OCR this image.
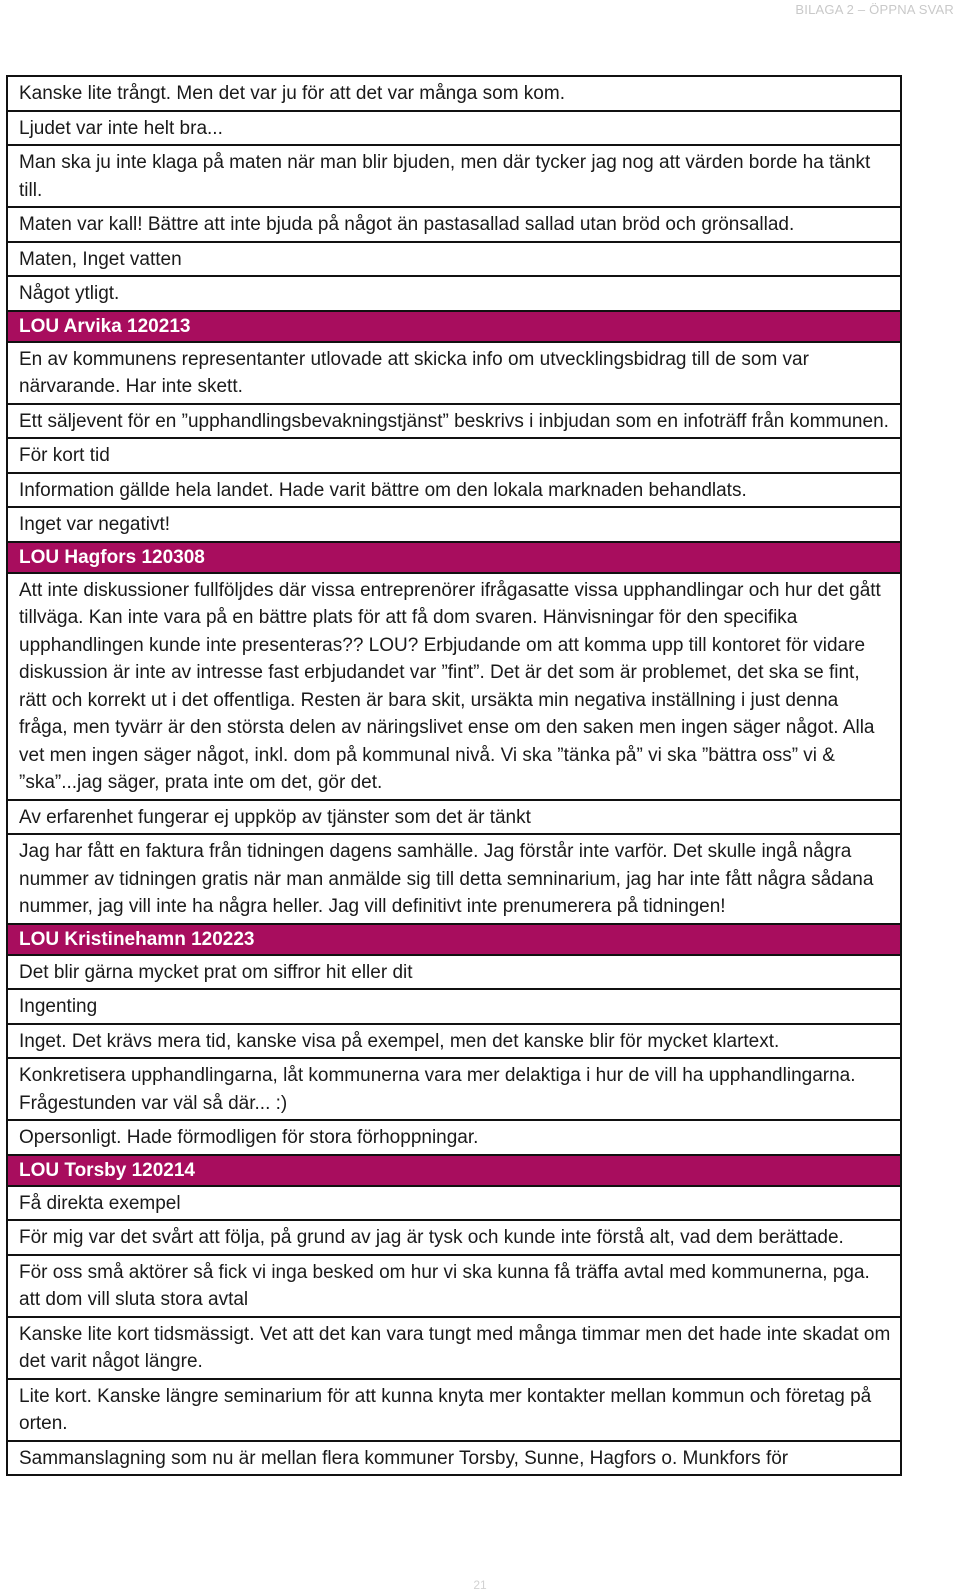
BILAGA 2 – ÖPPNA SVAR
Kanske lite trångt. Men det var ju för att det var många som kom.
Ljudet var inte helt bra...
Man ska ju inte klaga på maten när man blir bjuden, men där tycker jag nog att värden borde ha tänkt till.
Maten var kall! Bättre att inte bjuda på något än pastasallad sallad utan bröd och grönsallad.
Maten, Inget vatten
Något ytligt.
LOU Arvika 120213
En av kommunens representanter utlovade att skicka info om utvecklingsbidrag till de som var närvarande. Har inte skett.
Ett säljevent för en ”upphandlingsbevakningstjänst” beskrivs i inbjudan som en infoträff från kommunen.
För kort tid
Information gällde hela landet. Hade varit bättre om den lokala marknaden behandlats.
Inget var negativt!
LOU Hagfors 120308
Att inte diskussioner fullföljdes där vissa entreprenörer ifrågasatte vissa upphandlingar och hur det gått tillväga. Kan inte vara på en bättre plats för att få dom svaren. Hänvisningar för den specifika upphandlingen kunde inte presenteras?? LOU? Erbjudande om att komma upp till kontoret för vidare diskussion är inte av intresse fast erbjudandet var ”fint”. Det är det som är problemet, det ska se fint, rätt och korrekt ut i det offentliga. Resten är bara skit, ursäkta min negativa inställning i just denna fråga, men tyvärr är den största delen av näringslivet ense om den saken men ingen säger något. Alla vet men ingen säger något, inkl. dom på kommunal nivå. Vi ska ”tänka på” vi ska ”bättra oss” vi & ”ska”...jag säger, prata inte om det, gör det.
Av erfarenhet fungerar ej uppköp av tjänster som det är tänkt
Jag har fått en faktura från tidningen dagens samhälle. Jag förstår inte varför. Det skulle ingå några nummer av tidningen gratis när man anmälde sig till detta semninarium, jag har inte fått några sådana nummer, jag vill inte ha några heller. Jag vill definitivt inte prenumerera på tidningen!
LOU Kristinehamn 120223
Det blir gärna mycket prat om siffror hit eller dit
Ingenting
Inget. Det krävs mera tid, kanske visa på exempel, men det kanske blir för mycket klartext.
Konkretisera upphandlingarna, låt kommunerna vara mer delaktiga i hur de vill ha upphandlingarna. Frågestunden var väl så där... :)
Opersonligt. Hade förmodligen för stora förhoppningar.
LOU Torsby 120214
Få direkta exempel
För mig var det svårt att följa, på grund av jag är tysk och kunde inte förstå alt, vad dem berättade.
För oss små aktörer så fick vi inga besked om hur vi ska kunna få träffa avtal med kommunerna, pga. att dom vill sluta stora avtal
Kanske lite kort tidsmässigt. Vet att det kan vara tungt med många timmar men det hade inte skadat om det varit något längre.
Lite kort. Kanske längre seminarium för att kunna knyta mer kontakter mellan kommun och företag på orten.
Sammanslagning som nu är mellan flera kommuner Torsby, Sunne, Hagfors o. Munkfors för
21
